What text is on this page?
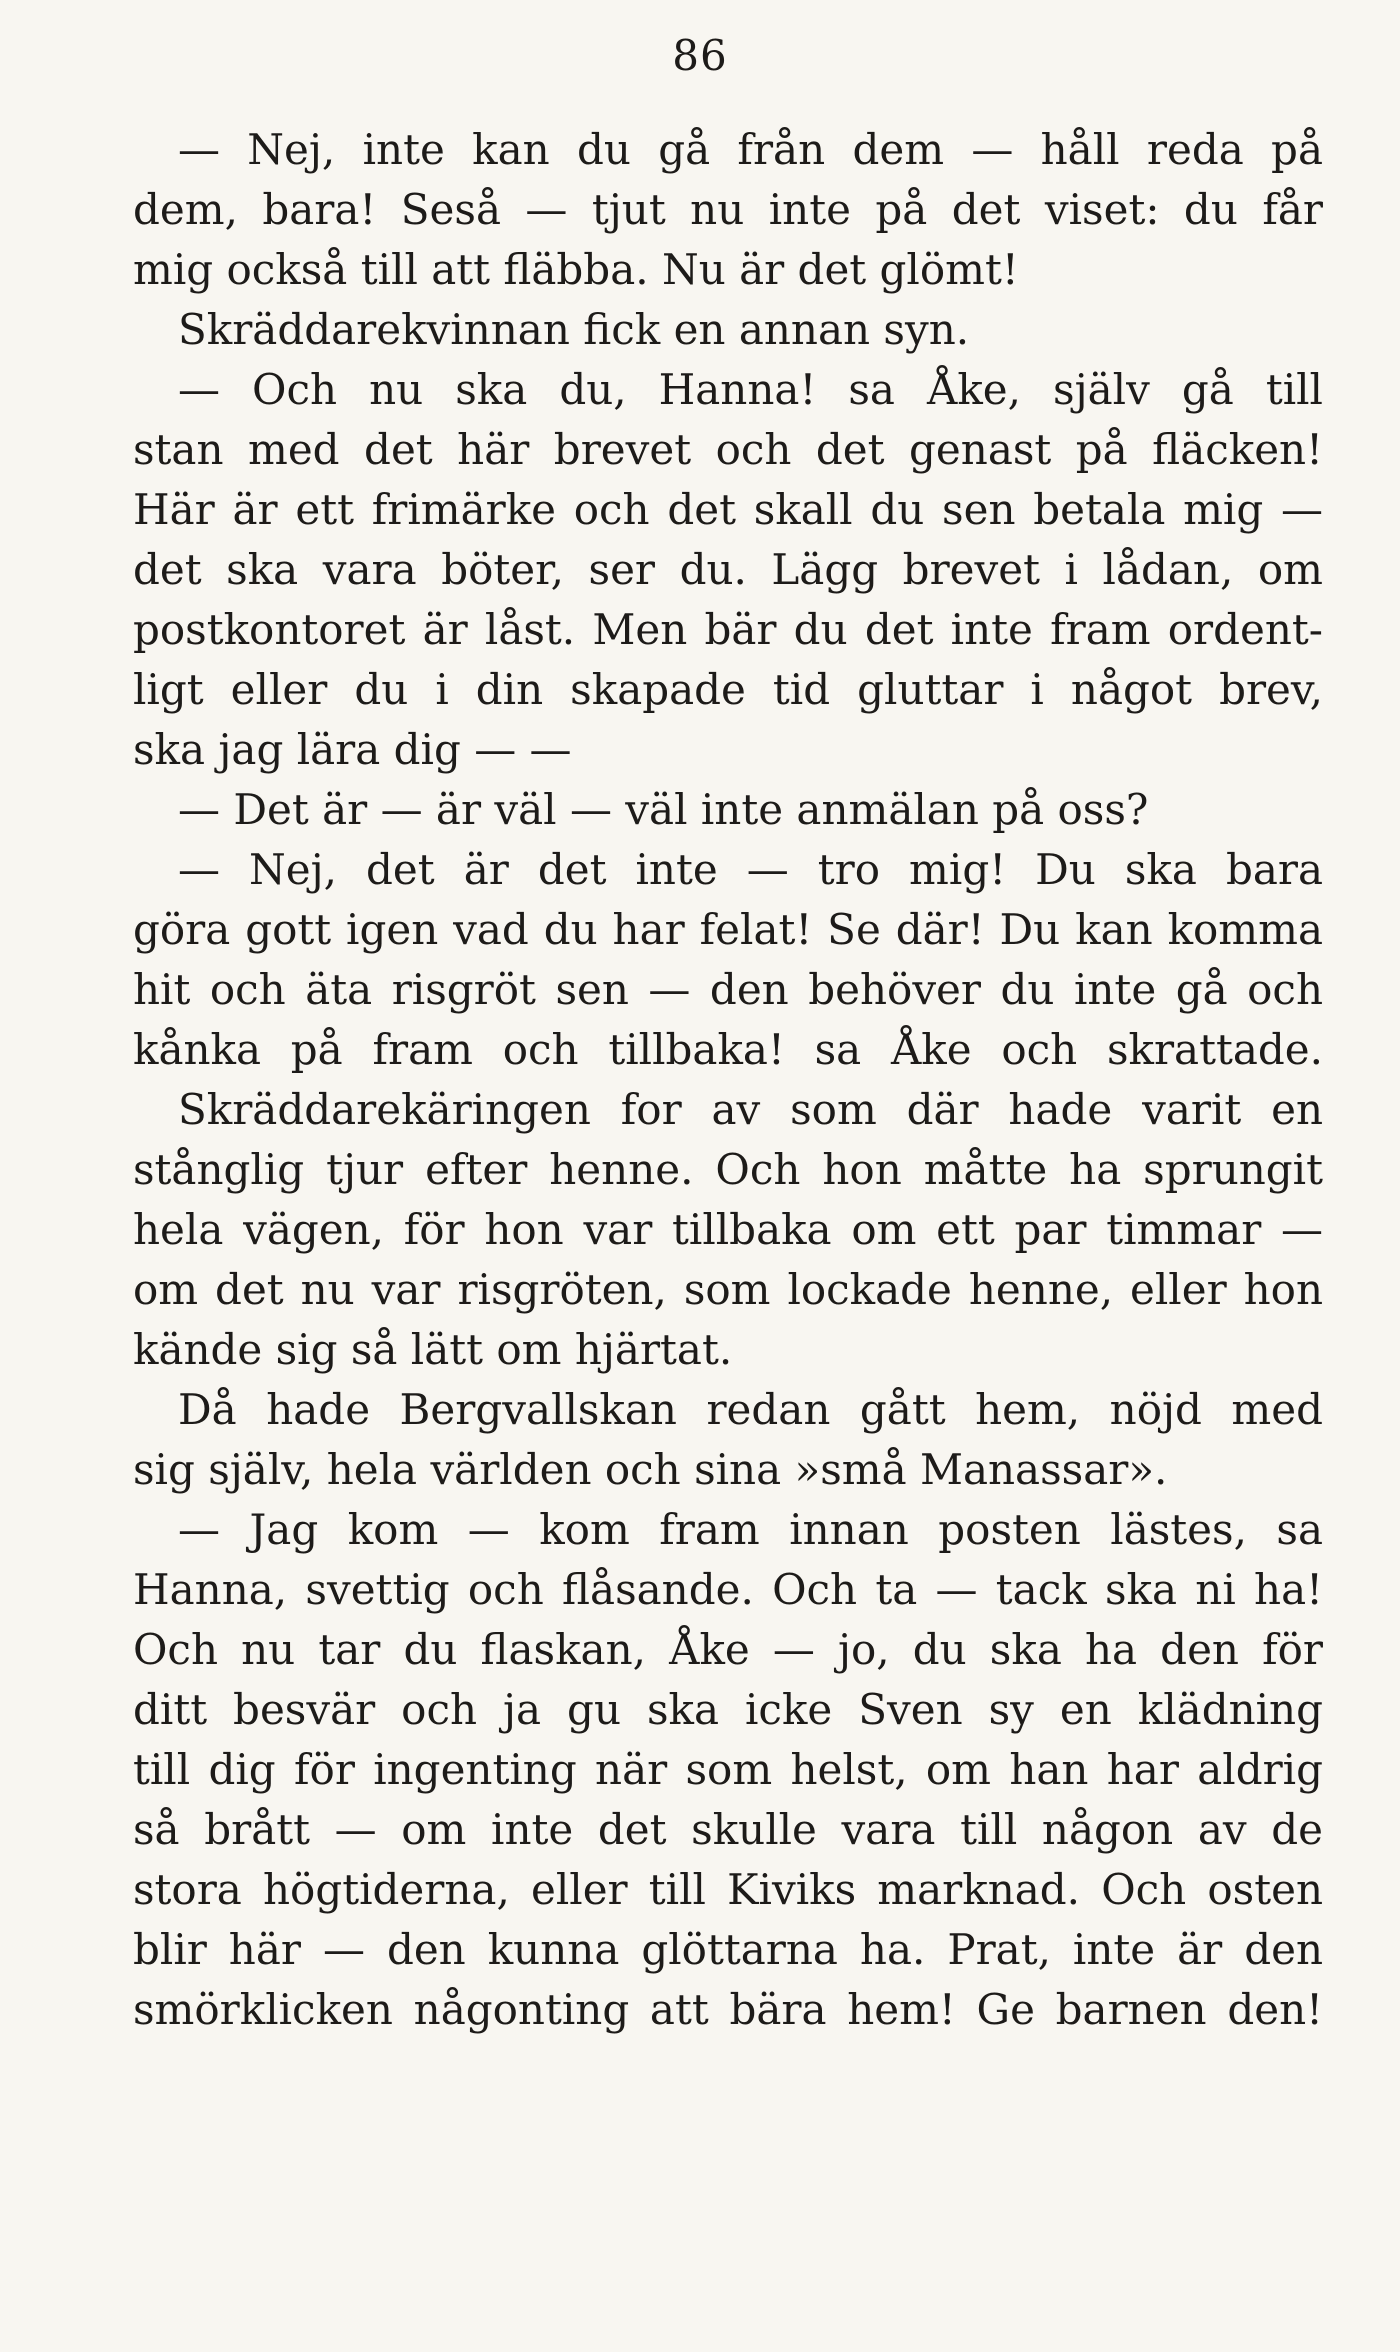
86
— Nej, inte kan du gå från dem — håll reda på
dem, bara! Seså — tjut nu inte på det viset: du får
mig också till att fläbba. Nu är det glömt!
Skräddarekvinnan fick en annan syn.
— Och nu ska du, Hanna! sa Åke, själv gå till
stan med det här brevet och det genast på fläcken!
Här är ett frimärke och det skall du sen betala mig —
det ska vara böter, ser du. Lägg brevet i lådan, om
postkontoret är låst. Men bär du det inte fram ordent-
ligt eller du i din skapade tid gluttar i något brev,
ska jag lära dig — —
— Det är — är väl — väl inte anmälan på oss?
— Nej, det är det inte — tro mig! Du ska bara
göra gott igen vad du har felat! Se där! Du kan komma
hit och äta risgröt sen — den behöver du inte gå och
kånka på fram och tillbaka! sa Åke och skrattade.
Skräddarekäringen for av som där hade varit en
stånglig tjur efter henne. Och hon måtte ha sprungit
hela vägen, för hon var tillbaka om ett par timmar —
om det nu var risgröten, som lockade henne, eller hon
kände sig så lätt om hjärtat.
Då hade Bergvallskan redan gått hem, nöjd med
sig själv, hela världen och sina »små Manassar».
— Jag kom — kom fram innan posten lästes, sa
Hanna, svettig och flåsande. Och ta — tack ska ni ha!
Och nu tar du flaskan, Åke — jo, du ska ha den för
ditt besvär och ja gu ska icke Sven sy en klädning
till dig för ingenting när som helst, om han har aldrig
så brått — om inte det skulle vara till någon av de
stora högtiderna, eller till Kiviks marknad. Och osten
blir här — den kunna glöttarna ha. Prat, inte är den
smörklicken någonting att bära hem! Ge barnen den!
